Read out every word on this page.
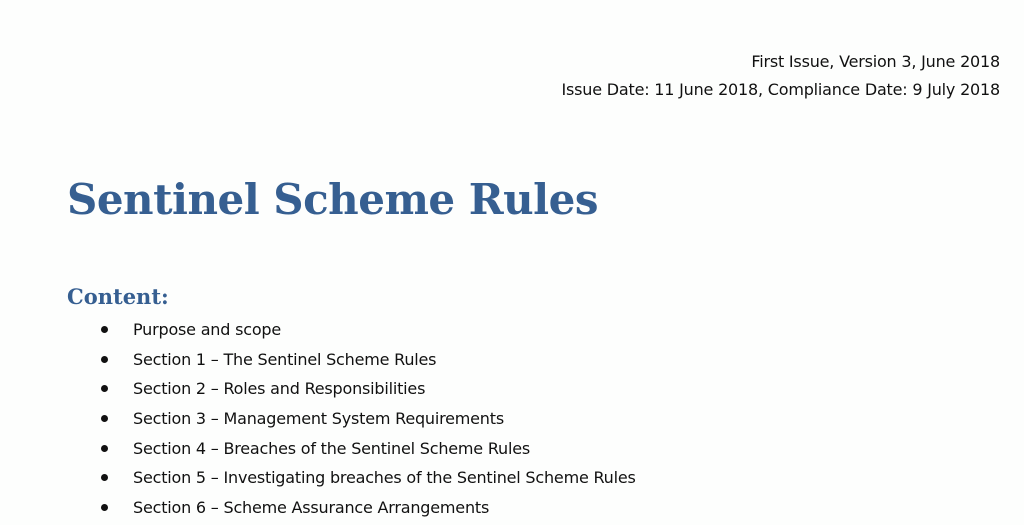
First Issue, Version 3, June 2018
Issue Date: 11 June 2018, Compliance Date: 9 July 2018
Sentinel Scheme Rules
Content:
Purpose and scope
Section 1 – The Sentinel Scheme Rules
Section 2 – Roles and Responsibilities
Section 3 – Management System Requirements
Section 4 – Breaches of the Sentinel Scheme Rules
Section 5 – Investigating breaches of the Sentinel Scheme Rules
Section 6 – Scheme Assurance Arrangements
